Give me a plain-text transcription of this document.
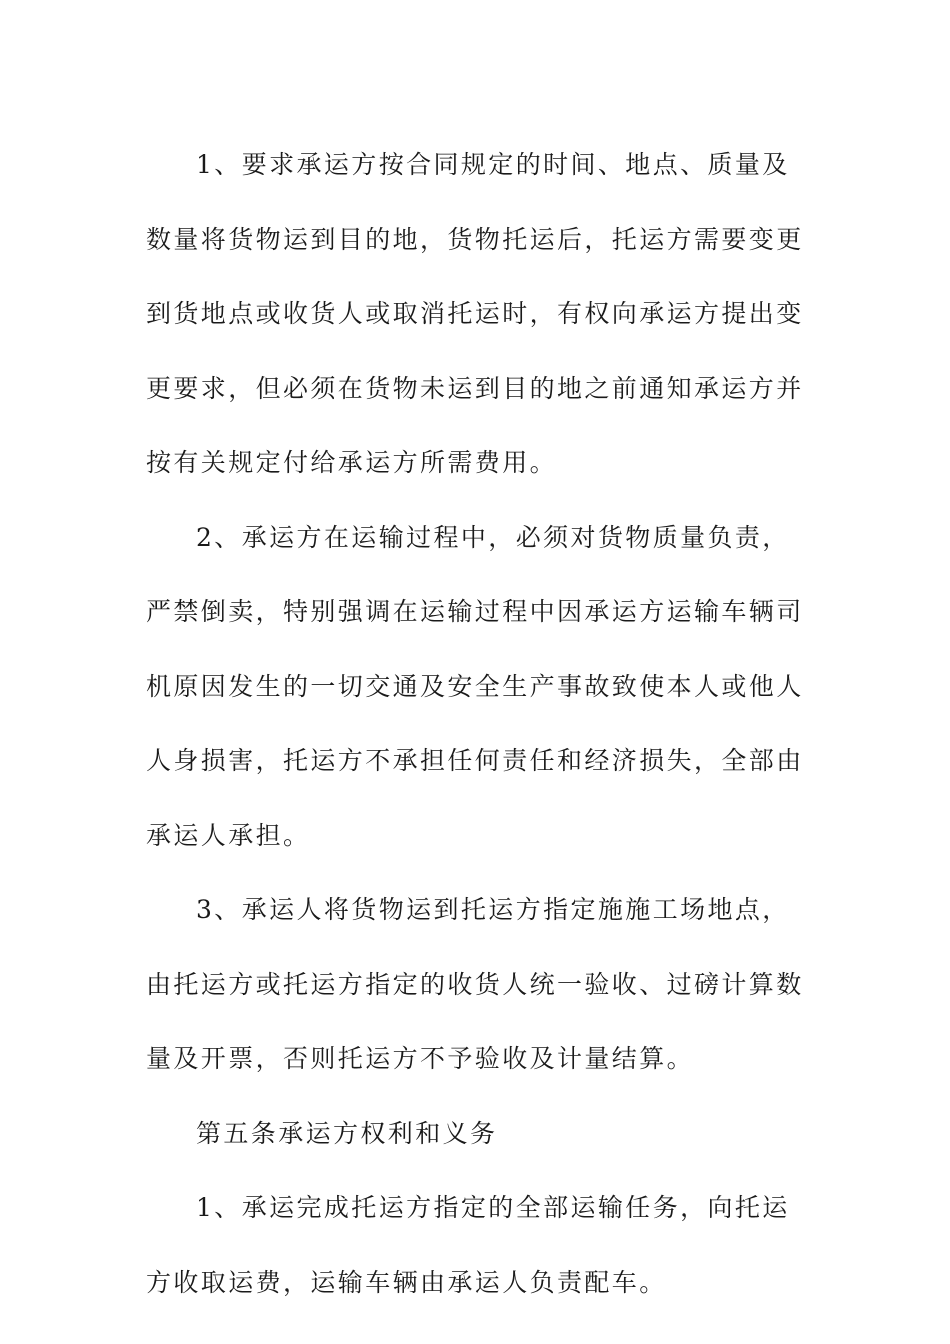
1、要求承运方按合同规定的时间、地点、质量及数量将货物运到目的地，货物托运后，托运方需要变更到货地点或收货人或取消托运时，有权向承运方提出变更要求，但必须在货物未运到目的地之前通知承运方并按有关规定付给承运方所需费用。

2、承运方在运输过程中，必须对货物质量负责，严禁倒卖，特别强调在运输过程中因承运方运输车辆司机原因发生的一切交通及安全生产事故致使本人或他人人身损害，托运方不承担任何责任和经济损失，全部由承运人承担。

3、承运人将货物运到托运方指定施施工场地点，由托运方或托运方指定的收货人统一验收、过磅计算数量及开票，否则托运方不予验收及计量结算。

第五条承运方权利和义务

1、承运完成托运方指定的全部运输任务，向托运方收取运费，运输车辆由承运人负责配车。
